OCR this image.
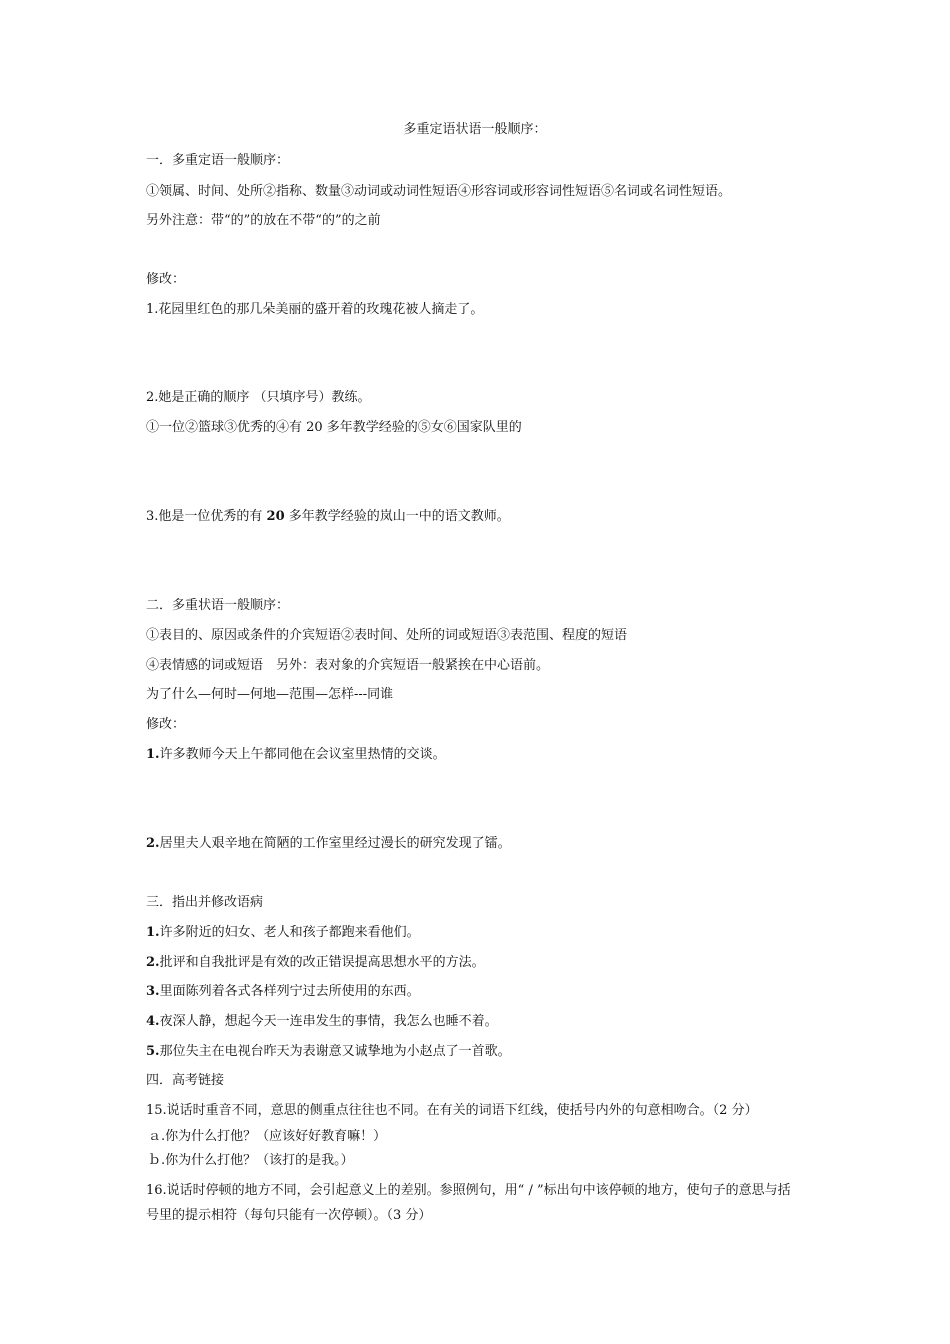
多重定语状语一般顺序：
一．多重定语一般顺序：
①领属、时间、处所②指称、数量③动词或动词性短语④形容词或形容词性短语⑤名词或名词性短语。
另外注意：带“的”的放在不带“的”的之前
修改：
1.花园里红色的那几朵美丽的盛开着的玫瑰花被人摘走了。
2.她是正确的顺序 （只填序号）教练。
①一位②篮球③优秀的④有 20 多年教学经验的⑤女⑥国家队里的
3.他是一位优秀的有 20 多年教学经验的岚山一中的语文教师。
二．多重状语一般顺序：
①表目的、原因或条件的介宾短语②表时间、处所的词或短语③表范围、程度的短语
④表情感的词或短语　另外：表对象的介宾短语一般紧挨在中心语前。
为了什么—何时—何地—范围—怎样---同谁
修改：
1.许多教师今天上午都同他在会议室里热情的交谈。
2.居里夫人艰辛地在简陋的工作室里经过漫长的研究发现了镭。
三．指出并修改语病
1.许多附近的妇女、老人和孩子都跑来看他们。
2.批评和自我批评是有效的改正错误提高思想水平的方法。
3.里面陈列着各式各样列宁过去所使用的东西。
4.夜深人静，想起今天一连串发生的事情，我怎么也睡不着。
5.那位失主在电视台昨天为表谢意又诚挚地为小赵点了一首歌。
四．高考链接
15.说话时重音不同，意思的侧重点往往也不同。在有关的词语下红线，使括号内外的句意相吻合。（2 分）
ａ.你为什么打他？（应该好好教育嘛！）
ｂ.你为什么打他？（该打的是我。）
16.说话时停顿的地方不同，会引起意义上的差别。参照例句，用“ / ”标出句中该停顿的地方，使句子的意思与括
号里的提示相符（每句只能有一次停顿）。（3 分）
